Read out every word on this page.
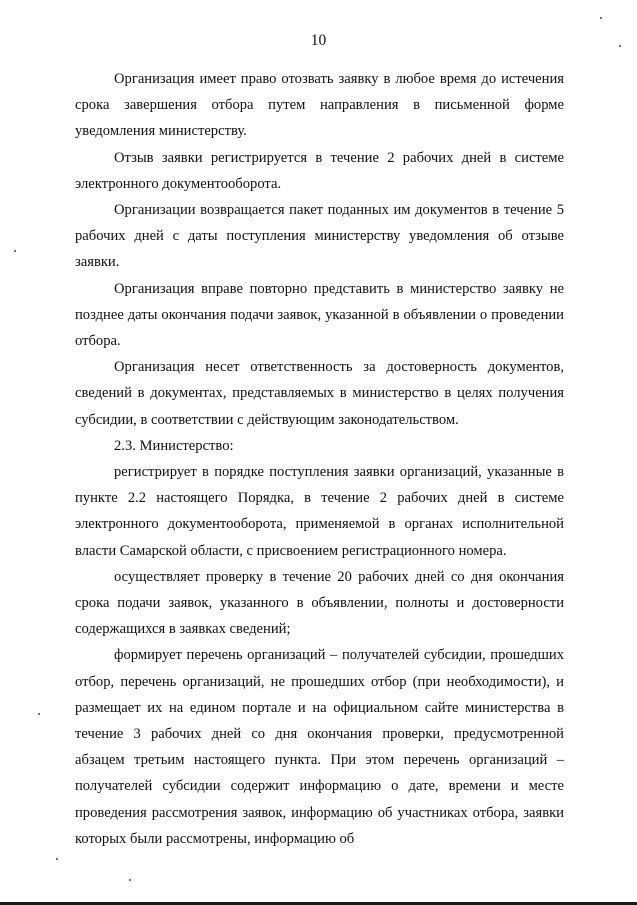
10

Организация имеет право отозвать заявку в любое время до истечения срока завершения отбора путем направления в письменной форме уведомления министерству.

Отзыв заявки регистрируется в течение 2 рабочих дней в системе электронного документооборота.

Организации возвращается пакет поданных им документов в течение 5 рабочих дней с даты поступления министерству уведомления об отзыве заявки.

Организация вправе повторно представить в министерство заявку не позднее даты окончания подачи заявок, указанной в объявлении о проведении отбора.

Организация несет ответственность за достоверность документов, сведений в документах, представляемых в министерство в целях получения субсидии, в соответствии с действующим законодательством.

2.3. Министерство:

регистрирует в порядке поступления заявки организаций, указанные в пункте 2.2 настоящего Порядка, в течение 2 рабочих дней в системе электронного документооборота, применяемой в органах исполнительной власти Самарской области, с присвоением регистрационного номера.

осуществляет проверку в течение 20 рабочих дней со дня окончания срока подачи заявок, указанного в объявлении, полноты и достоверности содержащихся в заявках сведений;

формирует перечень организаций – получателей субсидии, прошедших отбор, перечень организаций, не прошедших отбор (при необходимости), и размещает их на едином портале и на официальном сайте министерства в течение 3 рабочих дней со дня окончания проверки, предусмотренной абзацем третьим настоящего пункта. При этом перечень организаций – получателей субсидии содержит информацию о дате, времени и месте проведения рассмотрения заявок, информацию об участниках отбора, заявки которых были рассмотрены, информацию об
